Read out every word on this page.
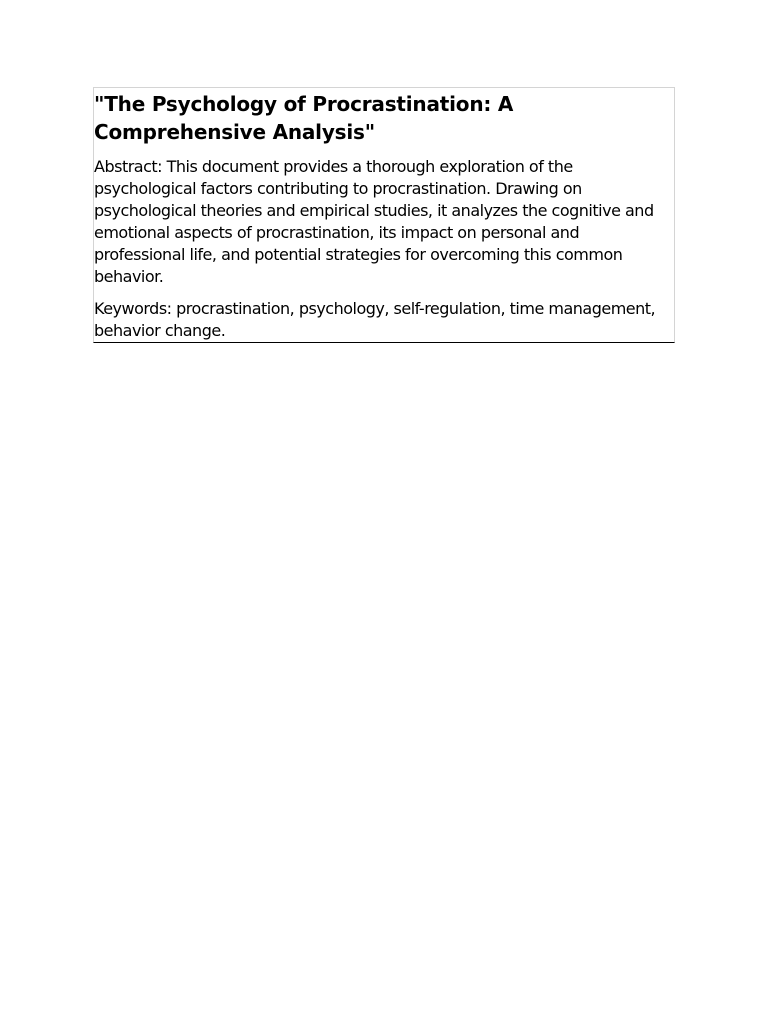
"The Psychology of Procrastination: A Comprehensive Analysis"

Abstract: This document provides a thorough exploration of the psychological factors contributing to procrastination. Drawing on psychological theories and empirical studies, it analyzes the cognitive and emotional aspects of procrastination, its impact on personal and professional life, and potential strategies for overcoming this common behavior.

Keywords: procrastination, psychology, self-regulation, time management, behavior change.
